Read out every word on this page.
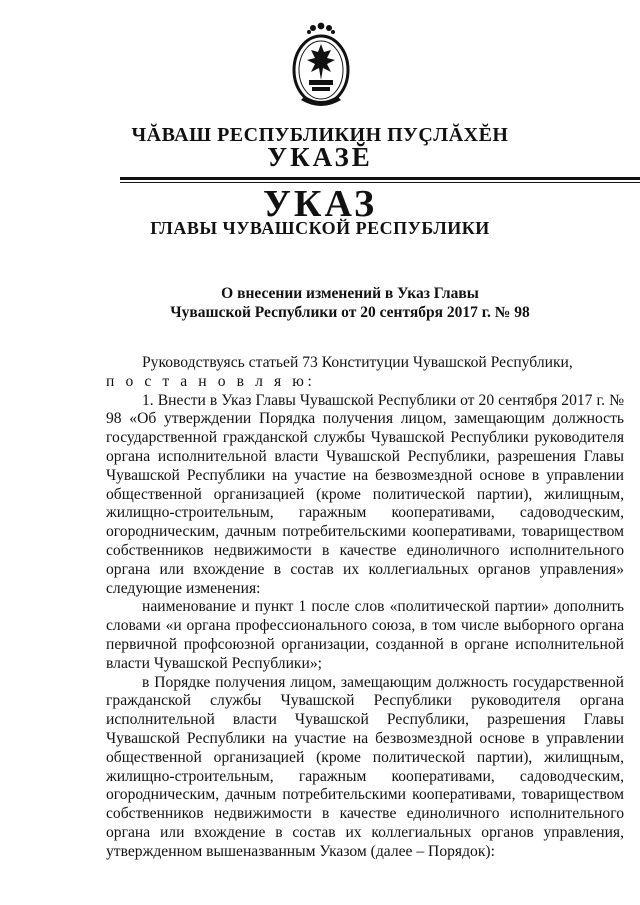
ЧĂВАШ РЕСПУБЛИКИН ПУҪЛĂХĔН
УКАЗĔ
УКАЗ
ГЛАВЫ ЧУВАШСКОЙ РЕСПУБЛИКИ
О внесении изменений в Указ Главы
Чувашской Республики от 20 сентября 2017 г. № 98

Руководствуясь статьей 73 Конституции Чувашской Республики,

п о с т а н о в л я ю:

1. Внести в Указ Главы Чувашской Республики от 20 сентября 2017 г. № 98 «Об утверждении Порядка получения лицом, замещающим должность государственной гражданской службы Чувашской Республики руководителя органа исполнительной власти Чувашской Республики, разрешения Главы Чувашской Республики на участие на безвозмездной основе в управлении общественной организацией (кроме политической партии), жилищным, жилищно-строительным, гаражным кооперативами, садоводческим, огородническим, дачным потребительскими кооперативами, товариществом собственников недвижимости в качестве единоличного исполнительного органа или вхождение в состав их коллегиальных органов управления» следующие изменения:

наименование и пункт 1 после слов «политической партии» дополнить словами «и органа профессионального союза, в том числе выборного органа первичной профсоюзной организации, созданной в органе исполнительной власти Чувашской Республики»;

в Порядке получения лицом, замещающим должность государственной гражданской службы Чувашской Республики руководителя органа исполнительной власти Чувашской Республики, разрешения Главы Чувашской Республики на участие на безвозмездной основе в управлении общественной организацией (кроме политической партии), жилищным, жилищно-строительным, гаражным кооперативами, садоводческим, огородническим, дачным потребительскими кооперативами, товариществом собственников недвижимости в качестве единоличного исполнительного органа или вхождение в состав их коллегиальных органов управления, утвержденном вышеназванным Указом (далее – Порядок):
